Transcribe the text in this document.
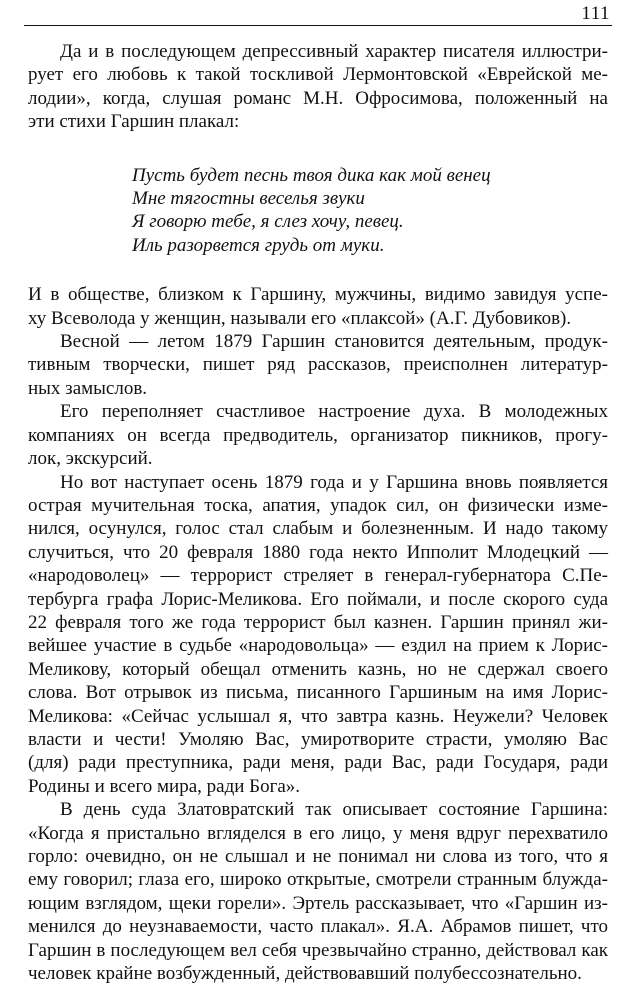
111
Да и в последующем депрессивный характер писателя иллюстри-
рует его любовь к такой тоскливой Лермонтовской «Еврейской ме-
лодии», когда, слушая романс М.Н. Офросимова, положенный на
эти стихи Гаршин плакал:
Пусть будет песнь твоя дика как мой венец
Мне тягостны веселья звуки
Я говорю тебе, я слез хочу, певец.
Иль разорвется грудь от муки.
И в обществе, близком к Гаршину, мужчины, видимо завидуя успе-
ху Всеволода у женщин, называли его «плаксой» (А.Г. Дубовиков).
Весной — летом 1879 Гаршин становится деятельным, продук-
тивным творчески, пишет ряд рассказов, преисполнен литератур-
ных замыслов.
Его переполняет счастливое настроение духа. В молодежных
компаниях он всегда предводитель, организатор пикников, прогу-
лок, экскурсий.
Но вот наступает осень 1879 года и у Гаршина вновь появляется
острая мучительная тоска, апатия, упадок сил, он физически изме-
нился, осунулся, голос стал слабым и болезненным. И надо такому
случиться, что 20 февраля 1880 года некто Ипполит Млодецкий —
«народоволец» — террорист стреляет в генерал-губернатора С.Пе-
тербурга графа Лорис-Меликова. Его поймали, и после скорого суда
22 февраля того же года террорист был казнен. Гаршин принял жи-
вейшее участие в судьбе «народовольца» — ездил на прием к Лорис-
Меликову, который обещал отменить казнь, но не сдержал своего
слова. Вот отрывок из письма, писанного Гаршиным на имя Лорис-
Меликова: «Сейчас услышал я, что завтра казнь. Неужели? Человек
власти и чести! Умоляю Вас, умиротворите страсти, умоляю Вас
(для) ради преступника, ради меня, ради Вас, ради Государя, ради
Родины и всего мира, ради Бога».
В день суда Златовратский так описывает состояние Гаршина:
«Когда я пристально вгляделся в его лицо, у меня вдруг перехватило
горло: очевидно, он не слышал и не понимал ни слова из того, что я
ему говорил; глаза его, широко открытые, смотрели странным блужда-
ющим взглядом, щеки горели». Эртель рассказывает, что «Гаршин из-
менился до неузнаваемости, часто плакал». Я.А. Абрамов пишет, что
Гаршин в последующем вел себя чрезвычайно странно, действовал как
человек крайне возбужденный, действовавший полубессознательно.
